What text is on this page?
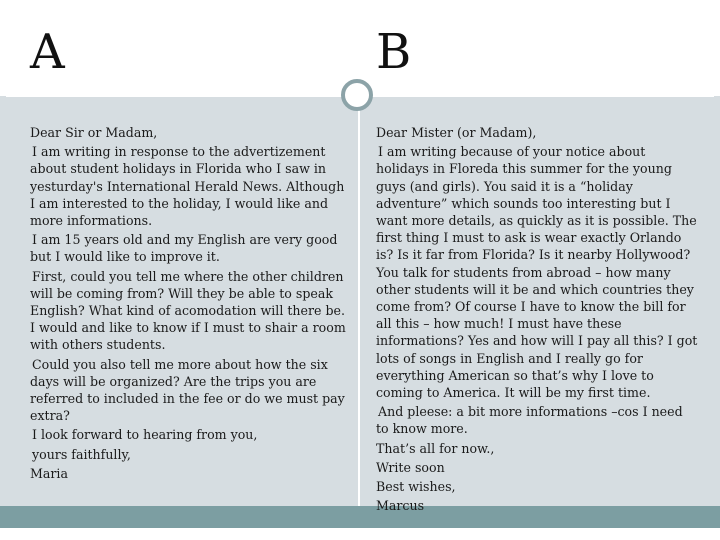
A	B

Dear Sir or Madam,

I am writing in response to the advertizement about student holidays in Florida who I saw in yesturday's International Herald News. Although I am interested to the holiday, I would like and more informations.

I am 15 years old and my English are very good but I would like to improve it.

First, could you tell me where the other children will be coming from? Will they be able to speak English? What kind of acomodation will there be. I would and like to know if I must to shair a room with others students.

Could you also tell me more about how the six days will be organized? Are the trips you are referred to included in the fee or do we must pay extra?

I look forward to hearing from you,

yours faithfully,

Maria

Dear Mister (or Madam),

I am writing because of your notice about holidays in Floreda this summer for the young guys (and girls). You said it is a “holiday adventure” which sounds too interesting but I want more details, as quickly as it is possible. The first thing I must to ask is wear exactly Orlando is? Is it far from Florida? Is it nearby Hollywood? You talk for students from abroad – how many other students will it be and which countries they come from? Of course I have to know the bill for all this – how much! I must have these informations? Yes and how will I pay all this? I got lots of songs in English and I really go for everything American so that’s why I love to coming to America. It will be my first time.

And pleese: a bit more informations –cos I need to know more.

That’s all for now.,

Write soon

Best wishes,

Marcus
